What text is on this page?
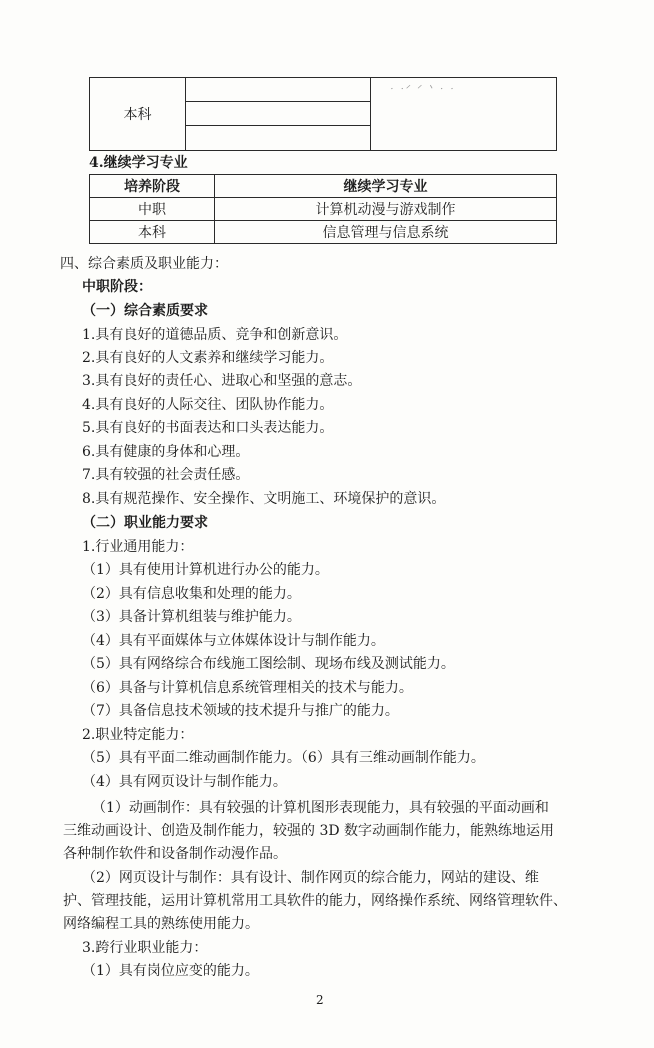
本科
· ·ᐟ ᐟ ᐠ · ·
4.继续学习专业
培养阶段	继续学习专业
中职	计算机动漫与游戏制作
本科	信息管理与信息系统
四、综合素质及职业能力：
中职阶段：
（一）综合素质要求
1.具有良好的道德品质、竞争和创新意识。
2.具有良好的人文素养和继续学习能力。
3.具有良好的责任心、进取心和坚强的意志。
4.具有良好的人际交往、团队协作能力。
5.具有良好的书面表达和口头表达能力。
6.具有健康的身体和心理。
7.具有较强的社会责任感。
8.具有规范操作、安全操作、文明施工、环境保护的意识。
（二）职业能力要求
1.行业通用能力：
（1）具有使用计算机进行办公的能力。
（2）具有信息收集和处理的能力。
（3）具备计算机组装与维护能力。
（4）具有平面媒体与立体媒体设计与制作能力。
（5）具有网络综合布线施工图绘制、现场布线及测试能力。
（6）具备与计算机信息系统管理相关的技术与能力。
（7）具备信息技术领域的技术提升与推广的能力。
2.职业特定能力：
（5）具有平面二维动画制作能力。（6）具有三维动画制作能力。
（4）具有网页设计与制作能力。
（1）动画制作：具有较强的计算机图形表现能力，具有较强的平面动画和
三维动画设计、创造及制作能力，较强的 3D 数字动画制作能力，能熟练地运用
各种制作软件和设备制作动漫作品。
（2）网页设计与制作：具有设计、制作网页的综合能力，网站的建设、维
护、管理技能，运用计算机常用工具软件的能力，网络操作系统、网络管理软件、
网络编程工具的熟练使用能力。
3.跨行业职业能力：
（1）具有岗位应变的能力。
2
